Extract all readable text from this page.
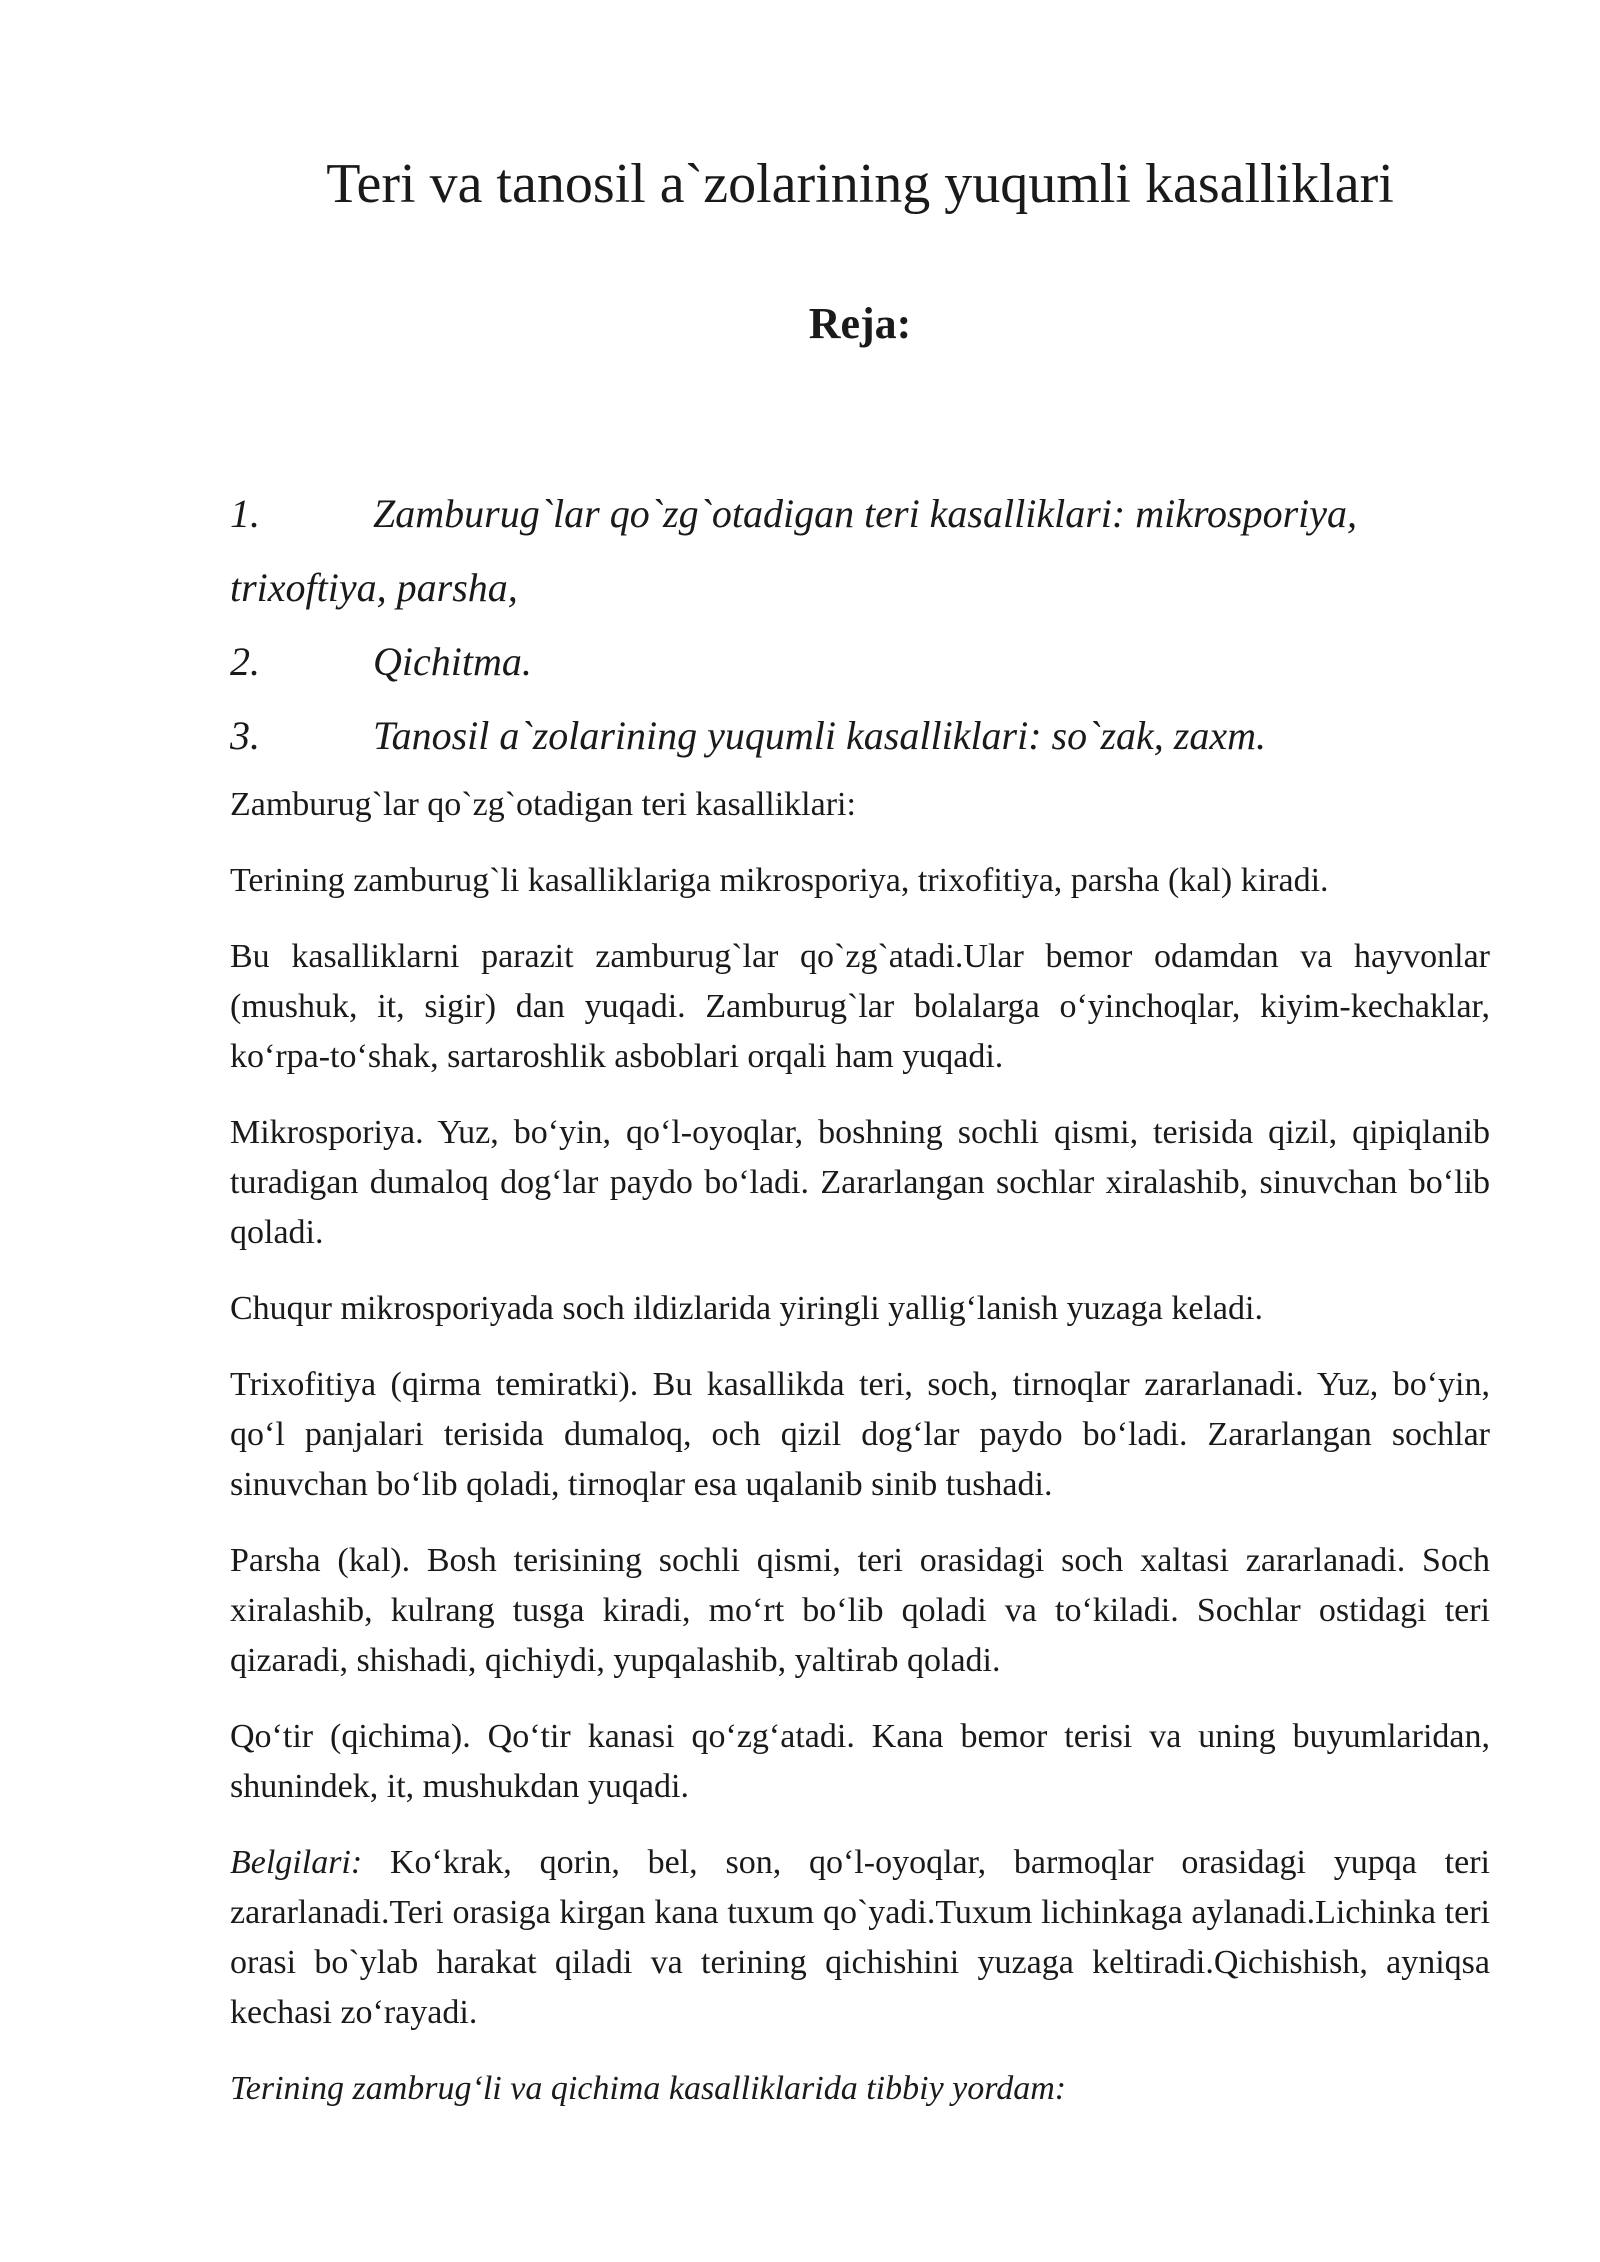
Teri va tanosil a`zolarining yuqumli kasalliklari
Reja:
1.	Zamburug`lar qo`zg`otadigan teri kasalliklari: mikrosporiya,
trixoftiya, parsha,
2.	Qichitma.
3.	Tanosil a`zolarining yuqumli kasalliklari: so`zak, zaxm.

Zamburug`lar qo`zg`otadigan teri kasalliklari:

Terining zamburug`li kasalliklariga mikrosporiya, trixofitiya, parsha (kal) kiradi.

Bu kasalliklarni parazit zamburug`lar qo`zg`atadi.Ular bemor odamdan va hayvonlar (mushuk, it, sigir) dan yuqadi. Zamburug`lar bolalarga o‘yinchoqlar, kiyim-kechaklar, ko‘rpa-to‘shak, sartaroshlik asboblari orqali ham yuqadi.

Mikrosporiya. Yuz, bo‘yin, qo‘l-oyoqlar, boshning sochli qismi, terisida qizil, qipiqlanib turadigan dumaloq dog‘lar paydo bo‘ladi. Zararlangan sochlar xiralashib, sinuvchan bo‘lib qoladi.

Chuqur mikrosporiyada soch ildizlarida yiringli yallig‘lanish yuzaga keladi.

Trixofitiya (qirma temiratki). Bu kasallikda teri, soch, tirnoqlar zararlanadi. Yuz, bo‘yin, qo‘l panjalari terisida dumaloq, och qizil dog‘lar paydo bo‘ladi. Zararlangan sochlar sinuvchan bo‘lib qoladi, tirnoqlar esa uqalanib sinib tushadi.

Parsha (kal). Bosh terisining sochli qismi, teri orasidagi soch xaltasi zararlanadi. Soch xiralashib, kulrang tusga kiradi, mo‘rt bo‘lib qoladi va to‘kiladi. Sochlar ostidagi teri qizaradi, shishadi, qichiydi, yupqalashib, yaltirab qoladi.

Qo‘tir (qichima). Qo‘tir kanasi qo‘zg‘atadi. Kana bemor terisi va uning buyumlaridan, shunindek, it, mushukdan yuqadi.

Belgilari: Ko‘krak, qorin, bel, son, qo‘l-oyoqlar, barmoqlar orasidagi yupqa teri zararlanadi.Teri orasiga kirgan kana tuxum qo`yadi.Tuxum lichinkaga aylanadi.Lichinka teri orasi bo`ylab harakat qiladi va terining qichishini yuzaga keltiradi.Qichishish, ayniqsa kechasi zo‘rayadi.

Terining zambrug‘li va qichima kasalliklarida tibbiy yordam:
